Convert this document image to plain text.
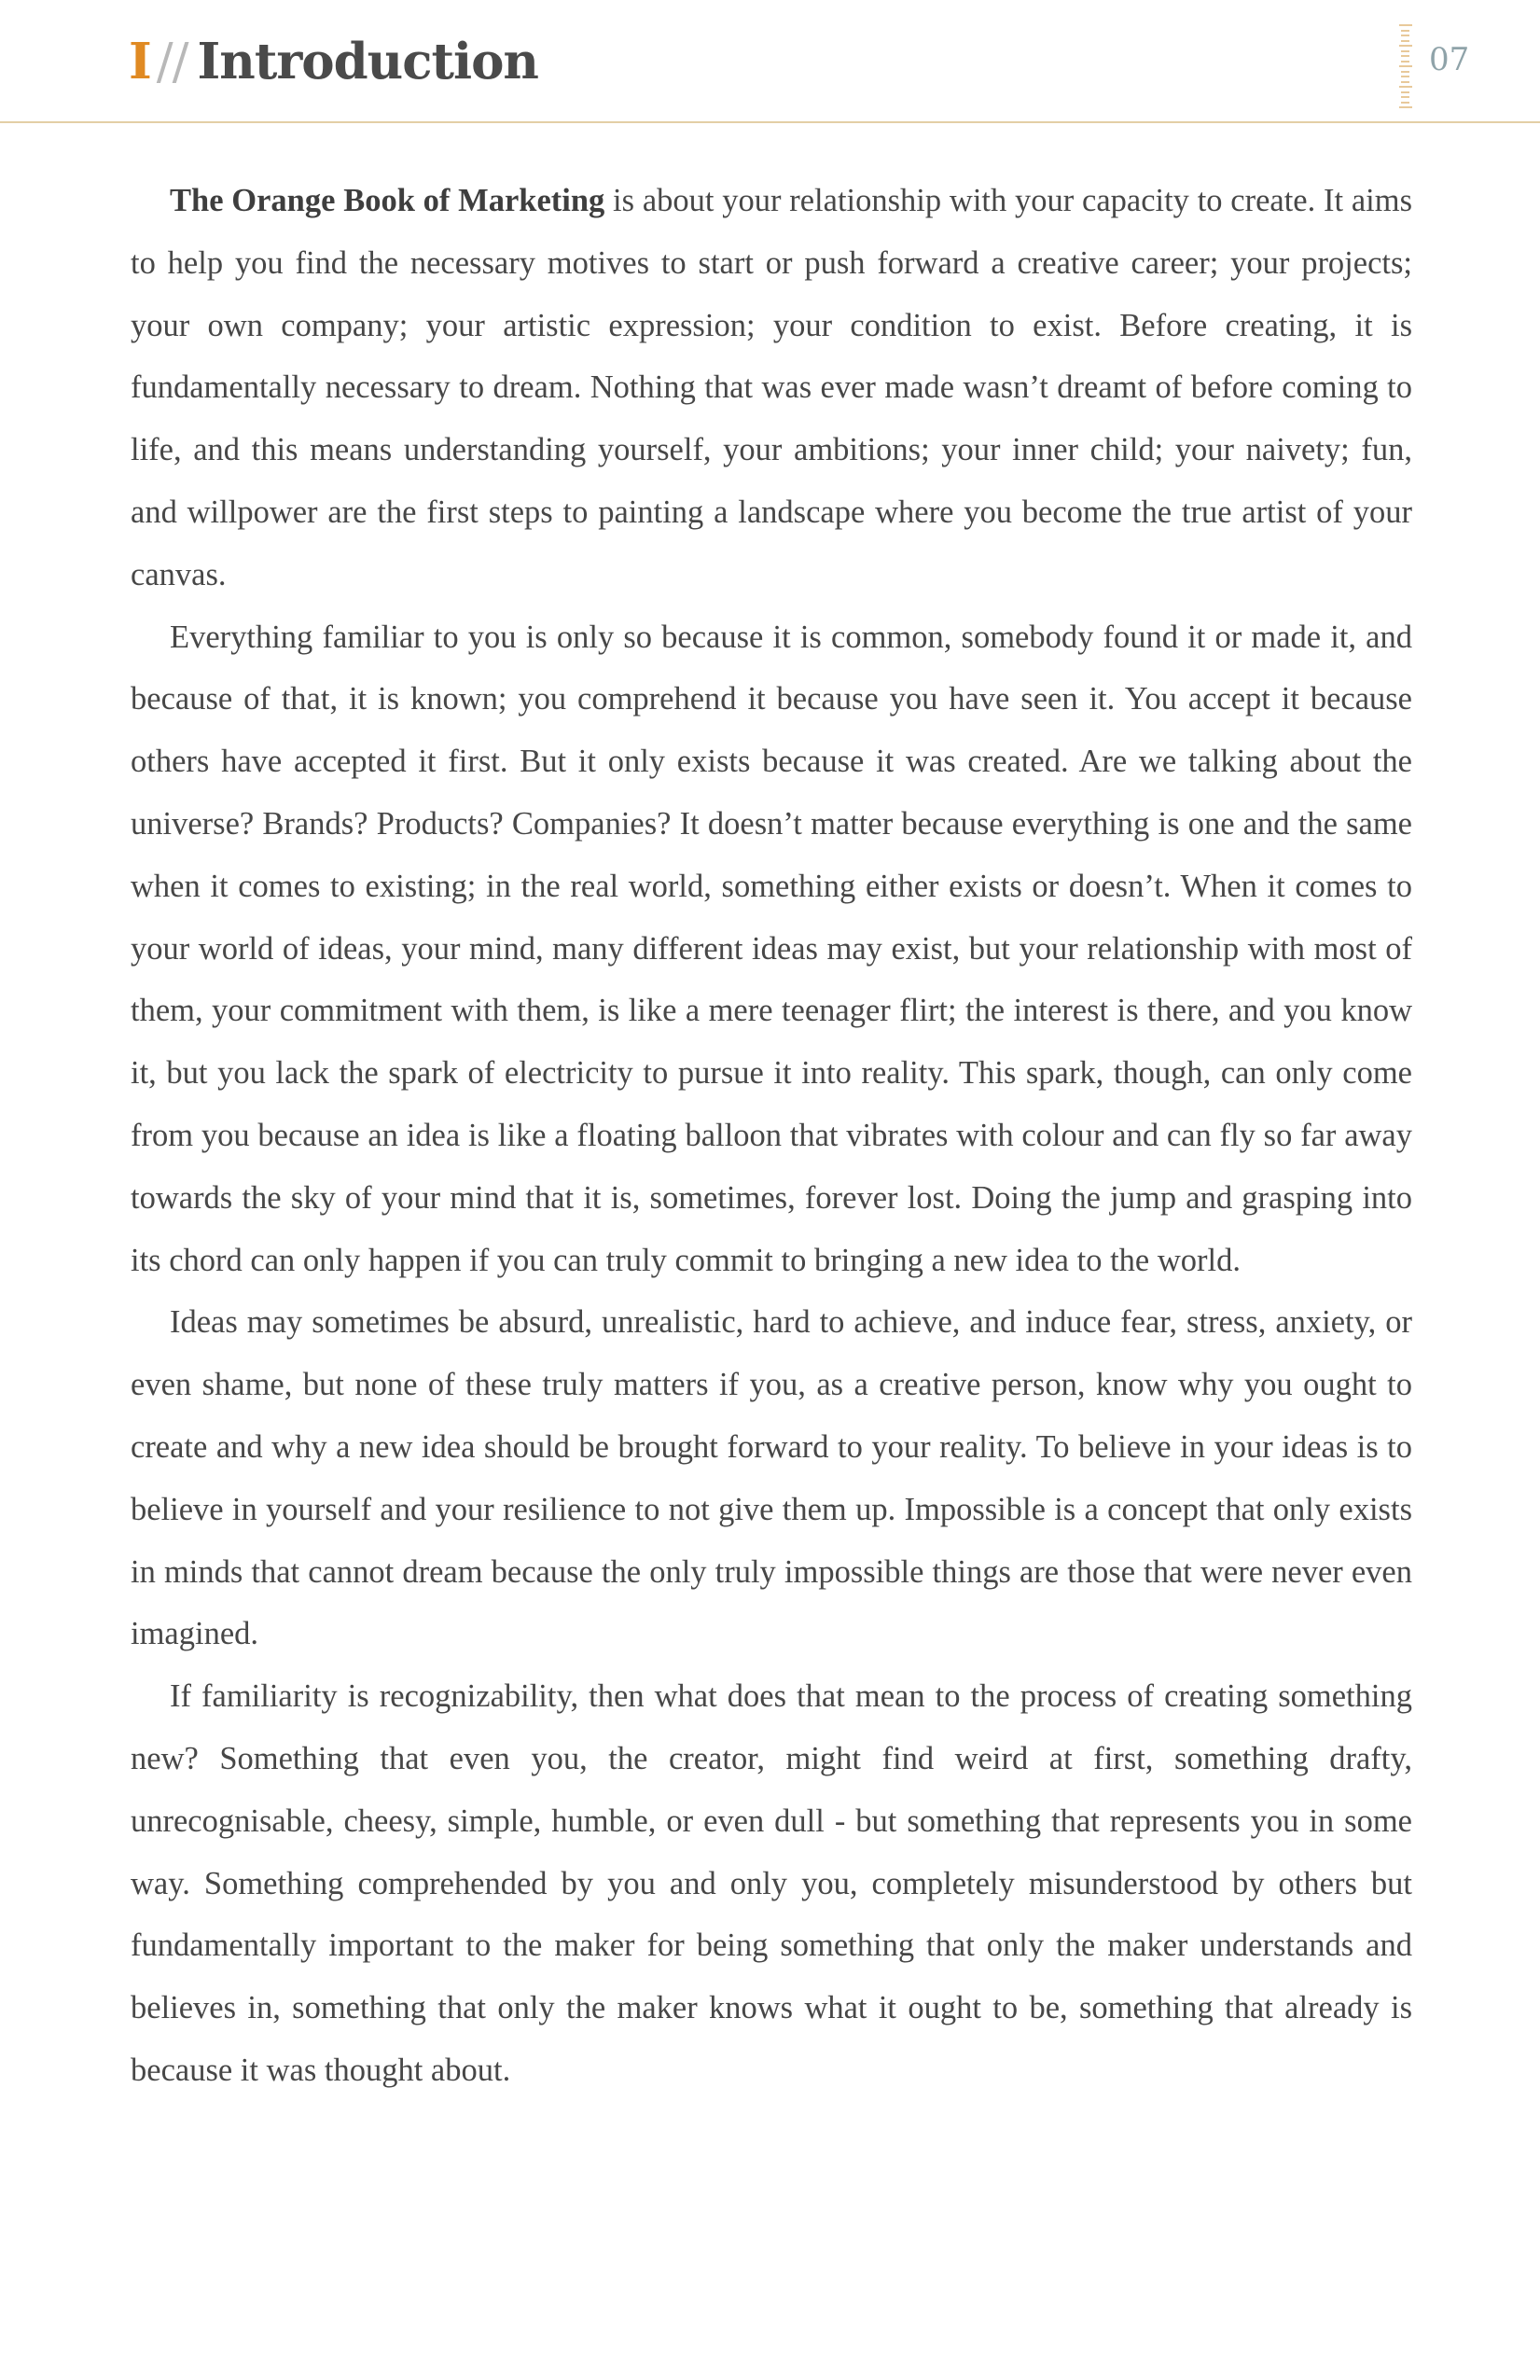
I // Introduction	07

The Orange Book of Marketing is about your relationship with your capacity to create. It aims to help you find the necessary motives to start or push forward a creative career; your projects; your own company; your artistic expression; your condition to exist. Before creating, it is fundamentally necessary to dream. Nothing that was ever made wasn’t dreamt of before coming to life, and this means understanding yourself, your ambitions; your inner child; your naivety; fun, and willpower are the first steps to painting a landscape where you become the true artist of your canvas.

Everything familiar to you is only so because it is common, somebody found it or made it, and because of that, it is known; you comprehend it because you have seen it. You accept it because others have accepted it first. But it only exists because it was created. Are we talking about the universe? Brands? Products? Companies? It doesn’t matter because everything is one and the same when it comes to existing; in the real world, something either exists or doesn’t. When it comes to your world of ideas, your mind, many different ideas may exist, but your relationship with most of them, your commitment with them, is like a mere teenager flirt; the interest is there, and you know it, but you lack the spark of electricity to pursue it into reality. This spark, though, can only come from you because an idea is like a floating balloon that vibrates with colour and can fly so far away towards the sky of your mind that it is, sometimes, forever lost. Doing the jump and grasping into its chord can only happen if you can truly commit to bringing a new idea to the world.

Ideas may sometimes be absurd, unrealistic, hard to achieve, and induce fear, stress, anxiety, or even shame, but none of these truly matters if you, as a creative person, know why you ought to create and why a new idea should be brought forward to your reality. To believe in your ideas is to believe in yourself and your resilience to not give them up. Impossible is a concept that only exists in minds that cannot dream because the only truly impossible things are those that were never even imagined.

If familiarity is recognizability, then what does that mean to the process of creating something new? Something that even you, the creator, might find weird at first, something drafty, unrecognisable, cheesy, simple, humble, or even dull - but something that represents you in some way. Something comprehended by you and only you, completely misunderstood by others but fundamentally important to the maker for being something that only the maker understands and believes in, something that only the maker knows what it ought to be, something that already is because it was thought about.
